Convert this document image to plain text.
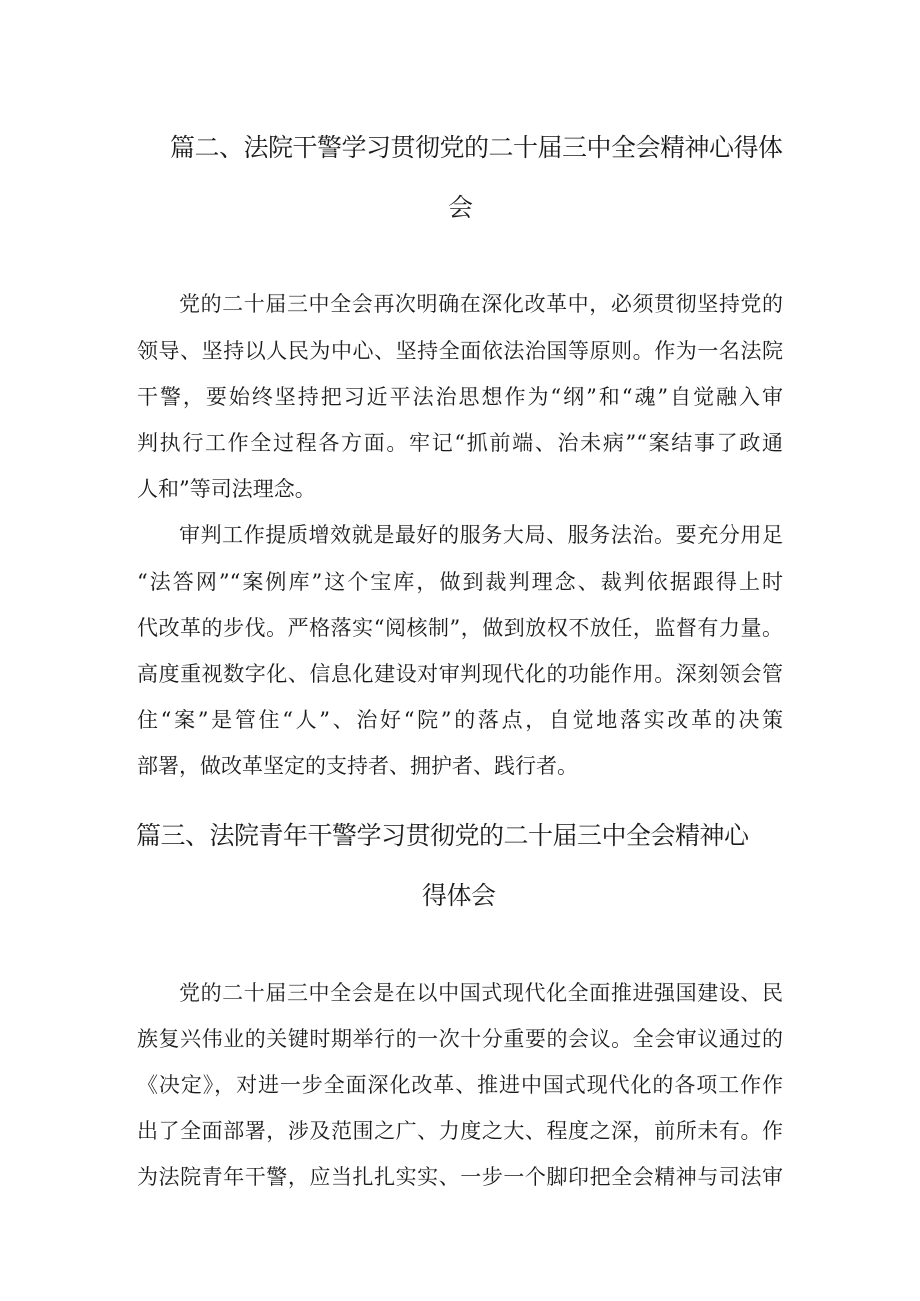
篇二、法院干警学习贯彻党的二十届三中全会精神心得体
会
党的二十届三中全会再次明确在深化改革中，必须贯彻坚持党的
领导、坚持以人民为中心、坚持全面依法治国等原则。作为一名法院
干警，要始终坚持把习近平法治思想作为“纲”和“魂”自觉融入审
判执行工作全过程各方面。牢记“抓前端、治未病”“案结事了政通
人和”等司法理念。
审判工作提质增效就是最好的服务大局、服务法治。要充分用足
“法答网”“案例库”这个宝库，做到裁判理念、裁判依据跟得上时
代改革的步伐。严格落实“阅核制”，做到放权不放任，监督有力量。
高度重视数字化、信息化建设对审判现代化的功能作用。深刻领会管
住“案”是管住“人”、治好“院”的落点，自觉地落实改革的决策
部署，做改革坚定的支持者、拥护者、践行者。
篇三、法院青年干警学习贯彻党的二十届三中全会精神心
得体会
党的二十届三中全会是在以中国式现代化全面推进强国建设、民
族复兴伟业的关键时期举行的一次十分重要的会议。全会审议通过的
《决定》，对进一步全面深化改革、推进中国式现代化的各项工作作
出了全面部署，涉及范围之广、力度之大、程度之深，前所未有。作
为法院青年干警，应当扎扎实实、一步一个脚印把全会精神与司法审
